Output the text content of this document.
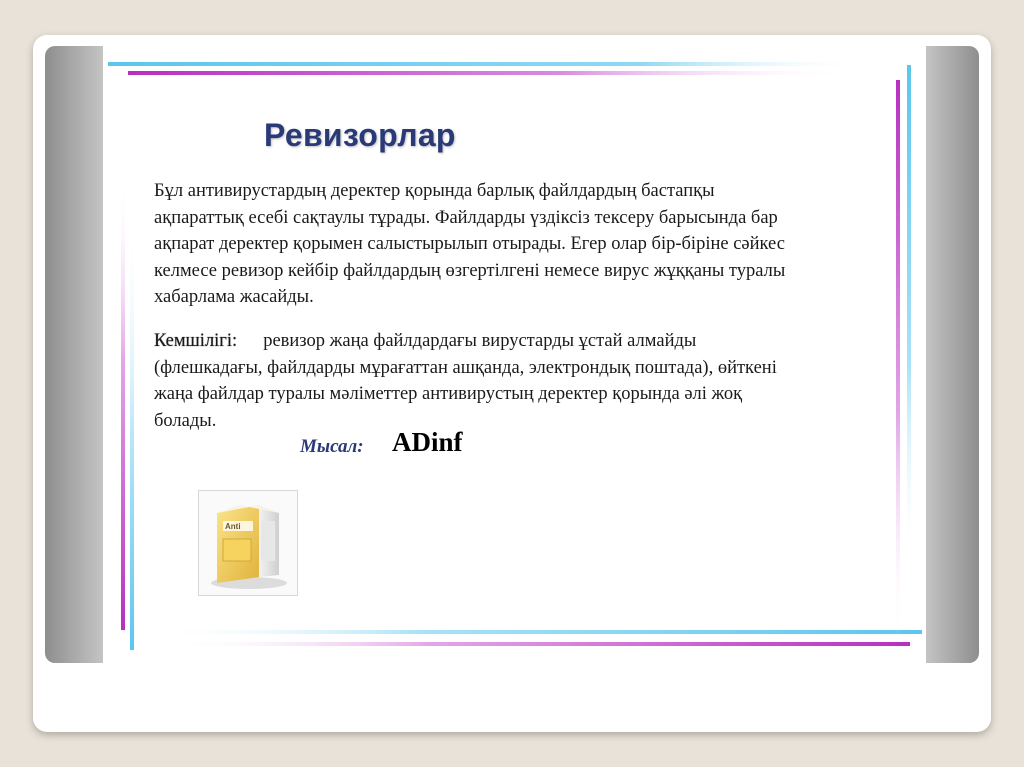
Ревизорлар
Бұл антивирустардың деректер қорында барлық файлдардың бастапқы
ақпараттық есебі сақтаулы тұрады. Файлдарды үздіксіз тексеру барысында бар
ақпарат деректер қорымен салыстырылып отырады. Егер олар бір-біріне сәйкес
келмесе ревизор кейбір файлдардың өзгертілгені немесе вирус жұққаны туралы
хабарлама жасайды.
Кемшілігі: ревизор жаңа файлдардағы вирустарды ұстай алмайды
(флешкадағы, файлдарды мұрағаттан ашқанда, электрондық поштада), өйткені
жаңа файлдар туралы мәліметтер антивирустың деректер қорында әлі жоқ
болады.
Мысал: ADinf
Anti
